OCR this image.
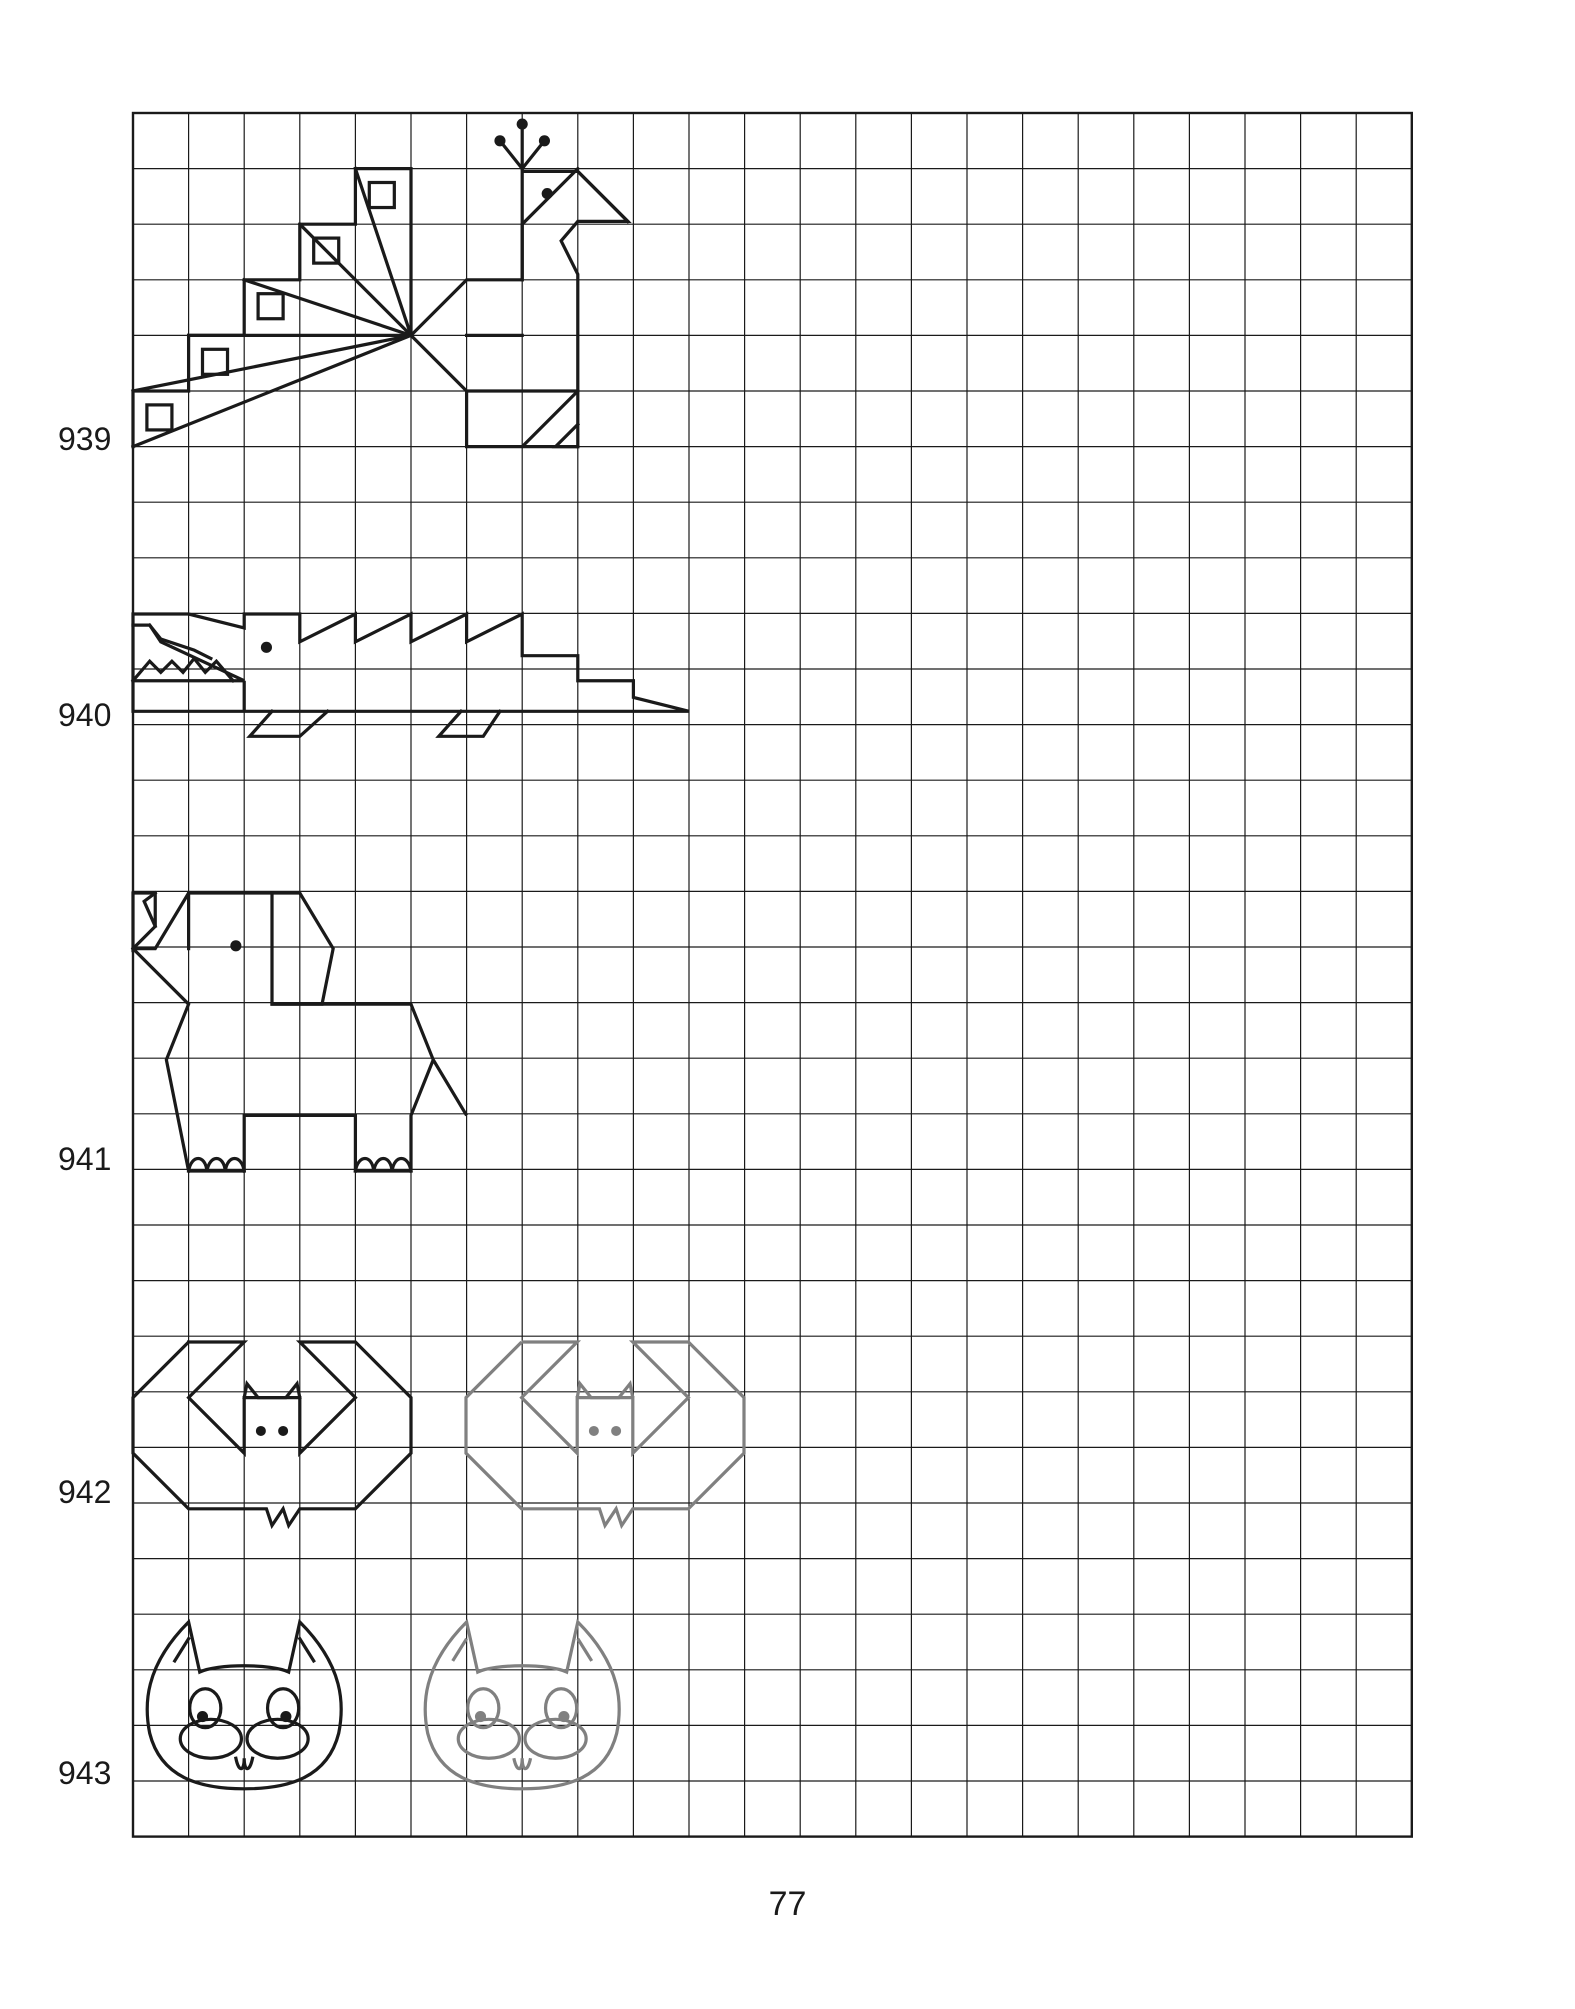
939
940
941
942
943
77
